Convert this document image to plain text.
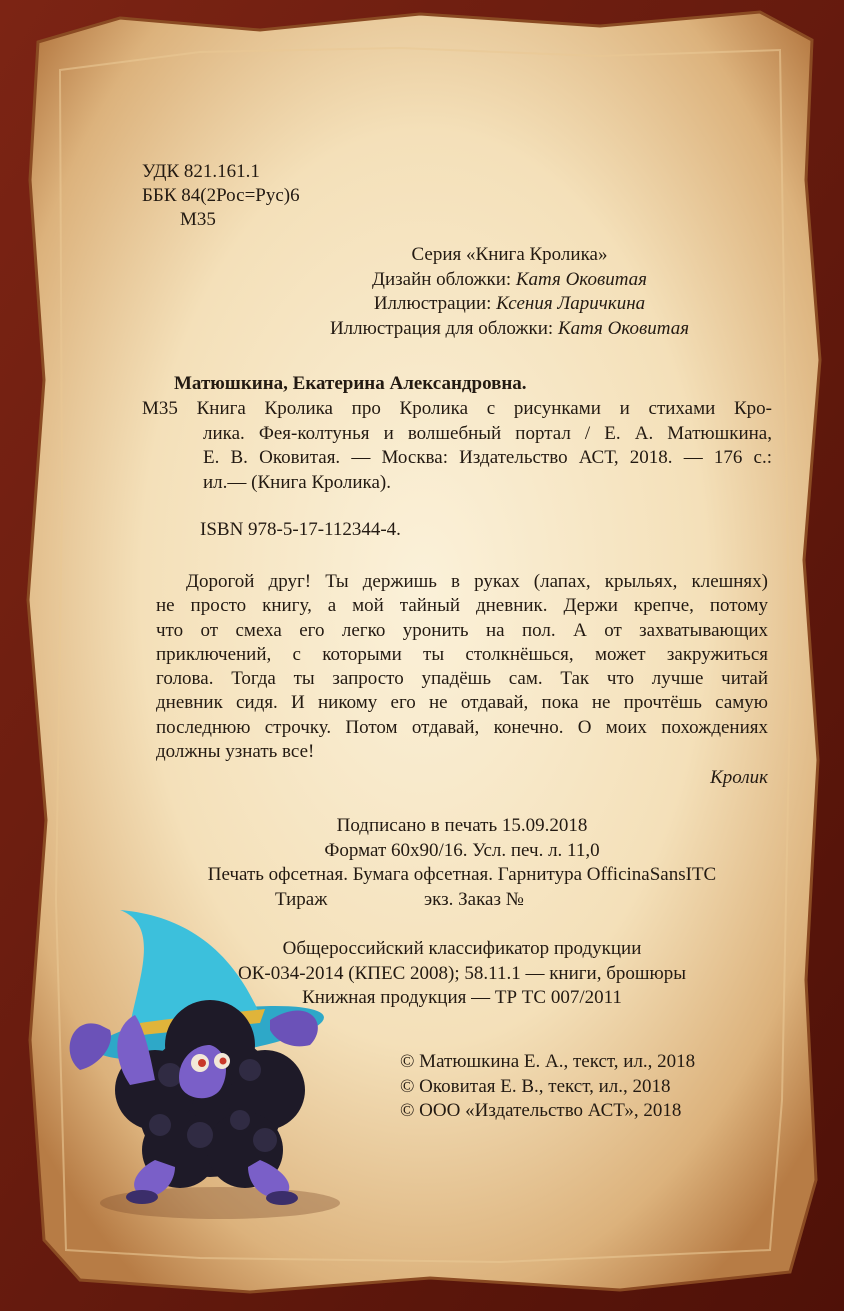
УДК 821.161.1
ББК 84(2Рос=Рус)6
М35
Серия «Книга Кролика»
Дизайн обложки: Катя Оковитая
Иллюстрации: Ксения Ларичкина
Иллюстрация для обложки: Катя Оковитая
Матюшкина, Екатерина Александровна.
М35 Книга Кролика про Кролика с рисунками и стихами Кро-
лика. Фея-колтунья и волшебный портал / Е. А. Матюшкина,
Е. В. Оковитая. — Москва: Издательство АСТ, 2018. — 176 с.:
ил.— (Книга Кролика).
ISBN 978-5-17-112344-4.
Дорогой друг! Ты держишь в руках (лапах, крыльях, клешнях)
не просто книгу, а мой тайный дневник. Держи крепче, потому
что от смеха его легко уронить на пол. А от захватывающих
приключений, с которыми ты столкнёшься, может закружиться
голова. Тогда ты запросто упадёшь сам. Так что лучше читай
дневник сидя. И никому его не отдавай, пока не прочтёшь самую
последнюю строчку. Потом отдавай, конечно. О моих похождениях
должны узнать все!
Кролик
Подписано в печать 15.09.2018
Формат 60x90/16. Усл. печ. л. 11,0
Печать офсетная. Бумага офсетная. Гарнитура OfficinaSansITC
Тираж	экз. Заказ №
Общероссийский классификатор продукции
ОК-034-2014 (КПЕС 2008); 58.11.1 — книги, брошюры
Книжная продукция — ТР ТС 007/2011
© Матюшкина Е. А., текст, ил., 2018
© Оковитая Е. В., текст, ил., 2018
© ООО «Издательство АСТ», 2018
